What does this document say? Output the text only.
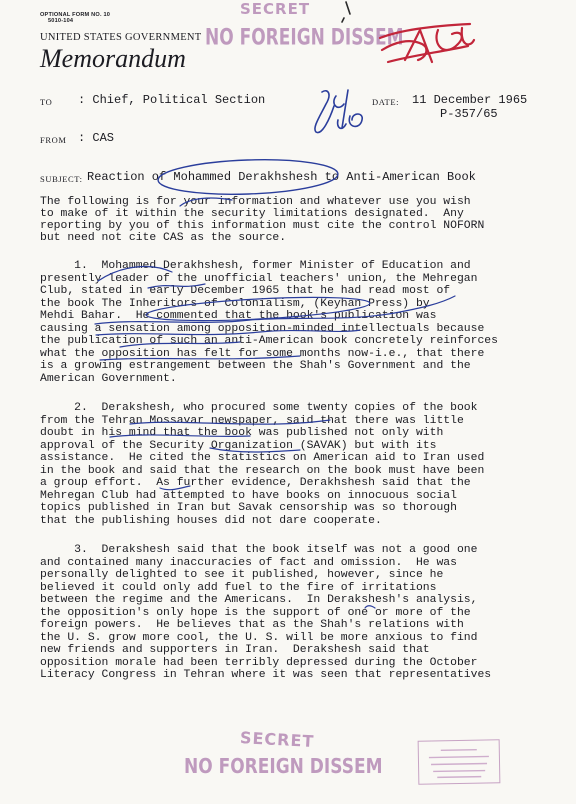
SECRET
NO FOREIGN DISSEM
OPTIONAL FORM NO. 10
5010-104
UNITED STATES GOVERNMENT
Memorandum
TO : Chief, Political Section	DATE: 11 December 1965
P-357/65
FROM : CAS
SUBJECT: Reaction of Mohammed Derakhshesh to Anti-American Book
The following is for your information and whatever use you wish
to make of it within the security limitations designated.  Any
reporting by you of this information must cite the control NOFORN
but need not cite CAS as the source.
1.  Mohammed Derakhshesh, former Minister of Education and
presently leader of the unofficial teachers' union, the Mehregan
Club, stated in early December 1965 that he had read most of
the book The Inheritors of Colonialism, (Keyhan Press) by
Mehdi Bahar.  He commented that the book's publication was
causing a sensation among opposition-minded intellectuals because
the publication of such an anti-American book concretely reinforces
what the opposition has felt for some months now-i.e., that there
is a growing estrangement between the Shah's Government and the
American Government.
2.  Derakshesh, who procured some twenty copies of the book
from the Tehran Mossavar newspaper, said that there was little
doubt in his mind that the book was published not only with
approval of the Security Organization (SAVAK) but with its
assistance.  He cited the statistics on American aid to Iran used
in the book and said that the research on the book must have been
a group effort.  As further evidence, Derakhshesh said that the
Mehregan Club had attempted to have books on innocuous social
topics published in Iran but Savak censorship was so thorough
that the publishing houses did not dare cooperate.
3.  Derakshesh said that the book itself was not a good one
and contained many inaccuracies of fact and omission.  He was
personally delighted to see it published, however, since he
believed it could only add fuel to the fire of irritations
between the regime and the Americans.  In Derakshesh's analysis,
the opposition's only hope is the support of one or more of the
foreign powers.  He believes that as the Shah's relations with
the U. S. grow more cool, the U. S. will be more anxious to find
new friends and supporters in Iran.  Derakshesh said that
opposition morale had been terribly depressed during the October
Literacy Congress in Tehran where it was seen that representatives
SECRET
NO FOREIGN DISSEM
